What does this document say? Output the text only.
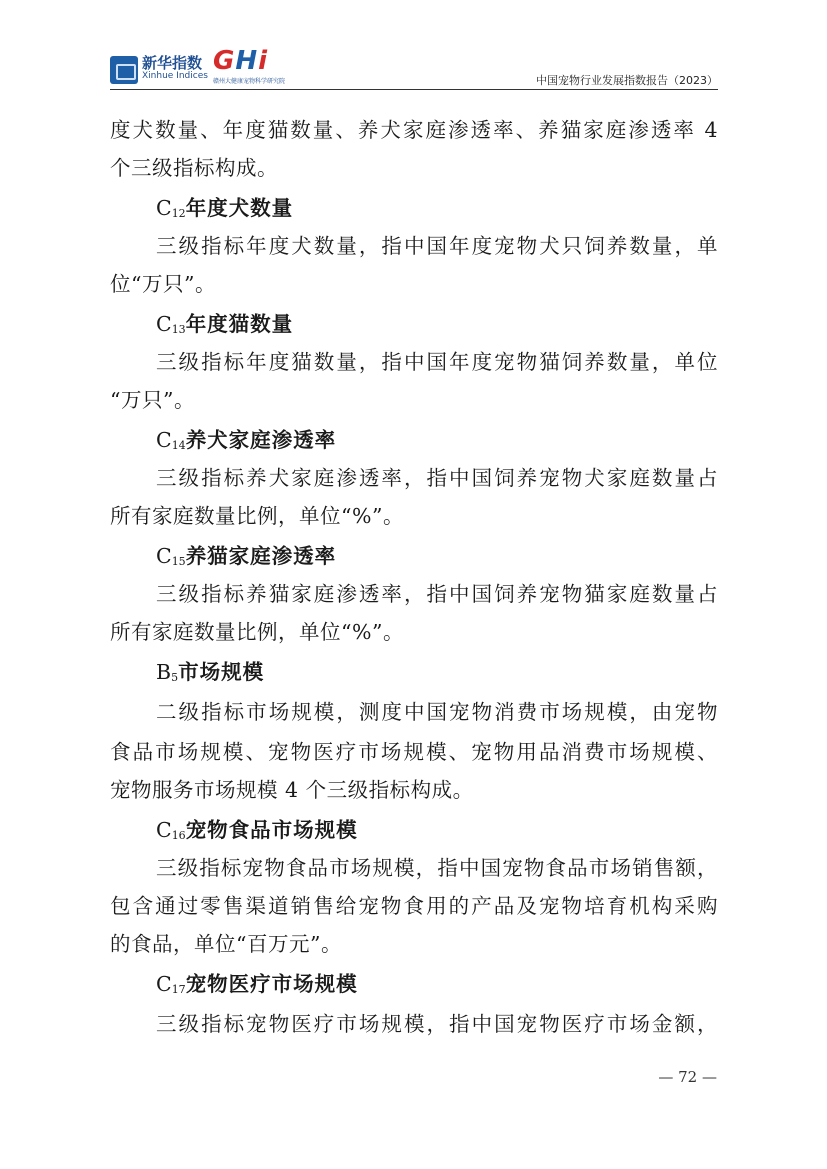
新华指数
Xinhue Indices GHi
赣州大健康宠物科学研究院	中国宠物行业发展指数报告（2023）
度犬数量、年度猫数量、养犬家庭渗透率、养猫家庭渗透率 4
个三级指标构成。
$C_{12}$年度犬数量
三级指标年度犬数量，指中国年度宠物犬只饲养数量，单
位“万只”。
$C_{13}$年度猫数量
三级指标年度猫数量，指中国年度宠物猫饲养数量，单位
“万只”。
$C_{14}$养犬家庭渗透率
三级指标养犬家庭渗透率，指中国饲养宠物犬家庭数量占
所有家庭数量比例，单位“%”。
$C_{15}$养猫家庭渗透率
三级指标养猫家庭渗透率，指中国饲养宠物猫家庭数量占
所有家庭数量比例，单位“%”。
$B_5$市场规模
二级指标市场规模，测度中国宠物消费市场规模，由宠物
食品市场规模、宠物医疗市场规模、宠物用品消费市场规模、
宠物服务市场规模 4 个三级指标构成。
$C_{16}$宠物食品市场规模
三级指标宠物食品市场规模，指中国宠物食品市场销售额，
包含通过零售渠道销售给宠物食用的产品及宠物培育机构采购
的食品，单位“百万元”。
$C_{17}$宠物医疗市场规模
三级指标宠物医疗市场规模，指中国宠物医疗市场金额，
— 72 —
